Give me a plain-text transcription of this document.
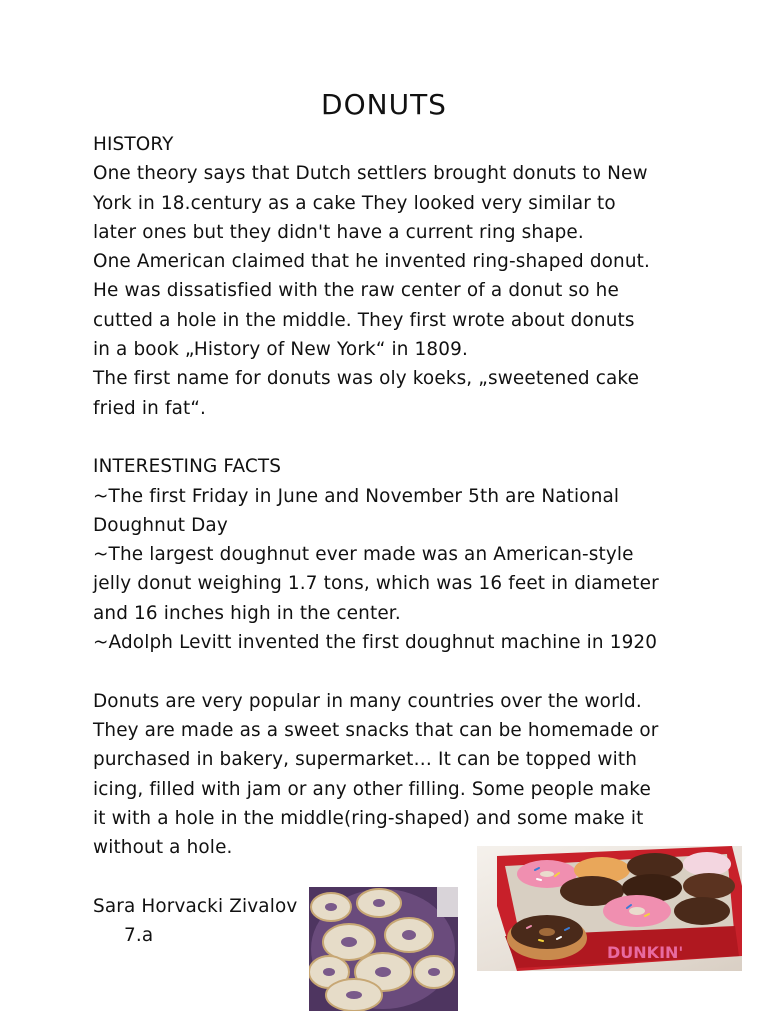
DONUTS
HISTORY
One theory says that Dutch settlers brought donuts to New
York in 18.century as a cake They looked very similar to
later ones but they didn't have a current ring shape.
One American claimed that he invented ring-shaped donut.
He was dissatisfied with the raw center of a donut so he
cutted a hole in the middle. They first wrote about donuts
in a book „History of New York“ in 1809.
The first name for donuts was oly koeks, „sweetened cake
fried in fat“.
INTERESTING FACTS
~The first Friday in June and November 5th are National
Doughnut Day
~The largest doughnut ever made was an American-style
jelly donut weighing 1.7 tons, which was 16 feet in diameter
and 16 inches high in the center.
~Adolph Levitt invented the first doughnut machine in 1920
Donuts are very popular in many countries over the world.
They are made as a sweet snacks that can be homemade or
purchased in bakery, supermarket… It can be topped with
icing, filled with jam or any other filling. Some people make
it with a hole in the middle(ring-shaped) and some make it
without a hole.
Sara Horvacki Zivalov
7.a
DUNKIN'
